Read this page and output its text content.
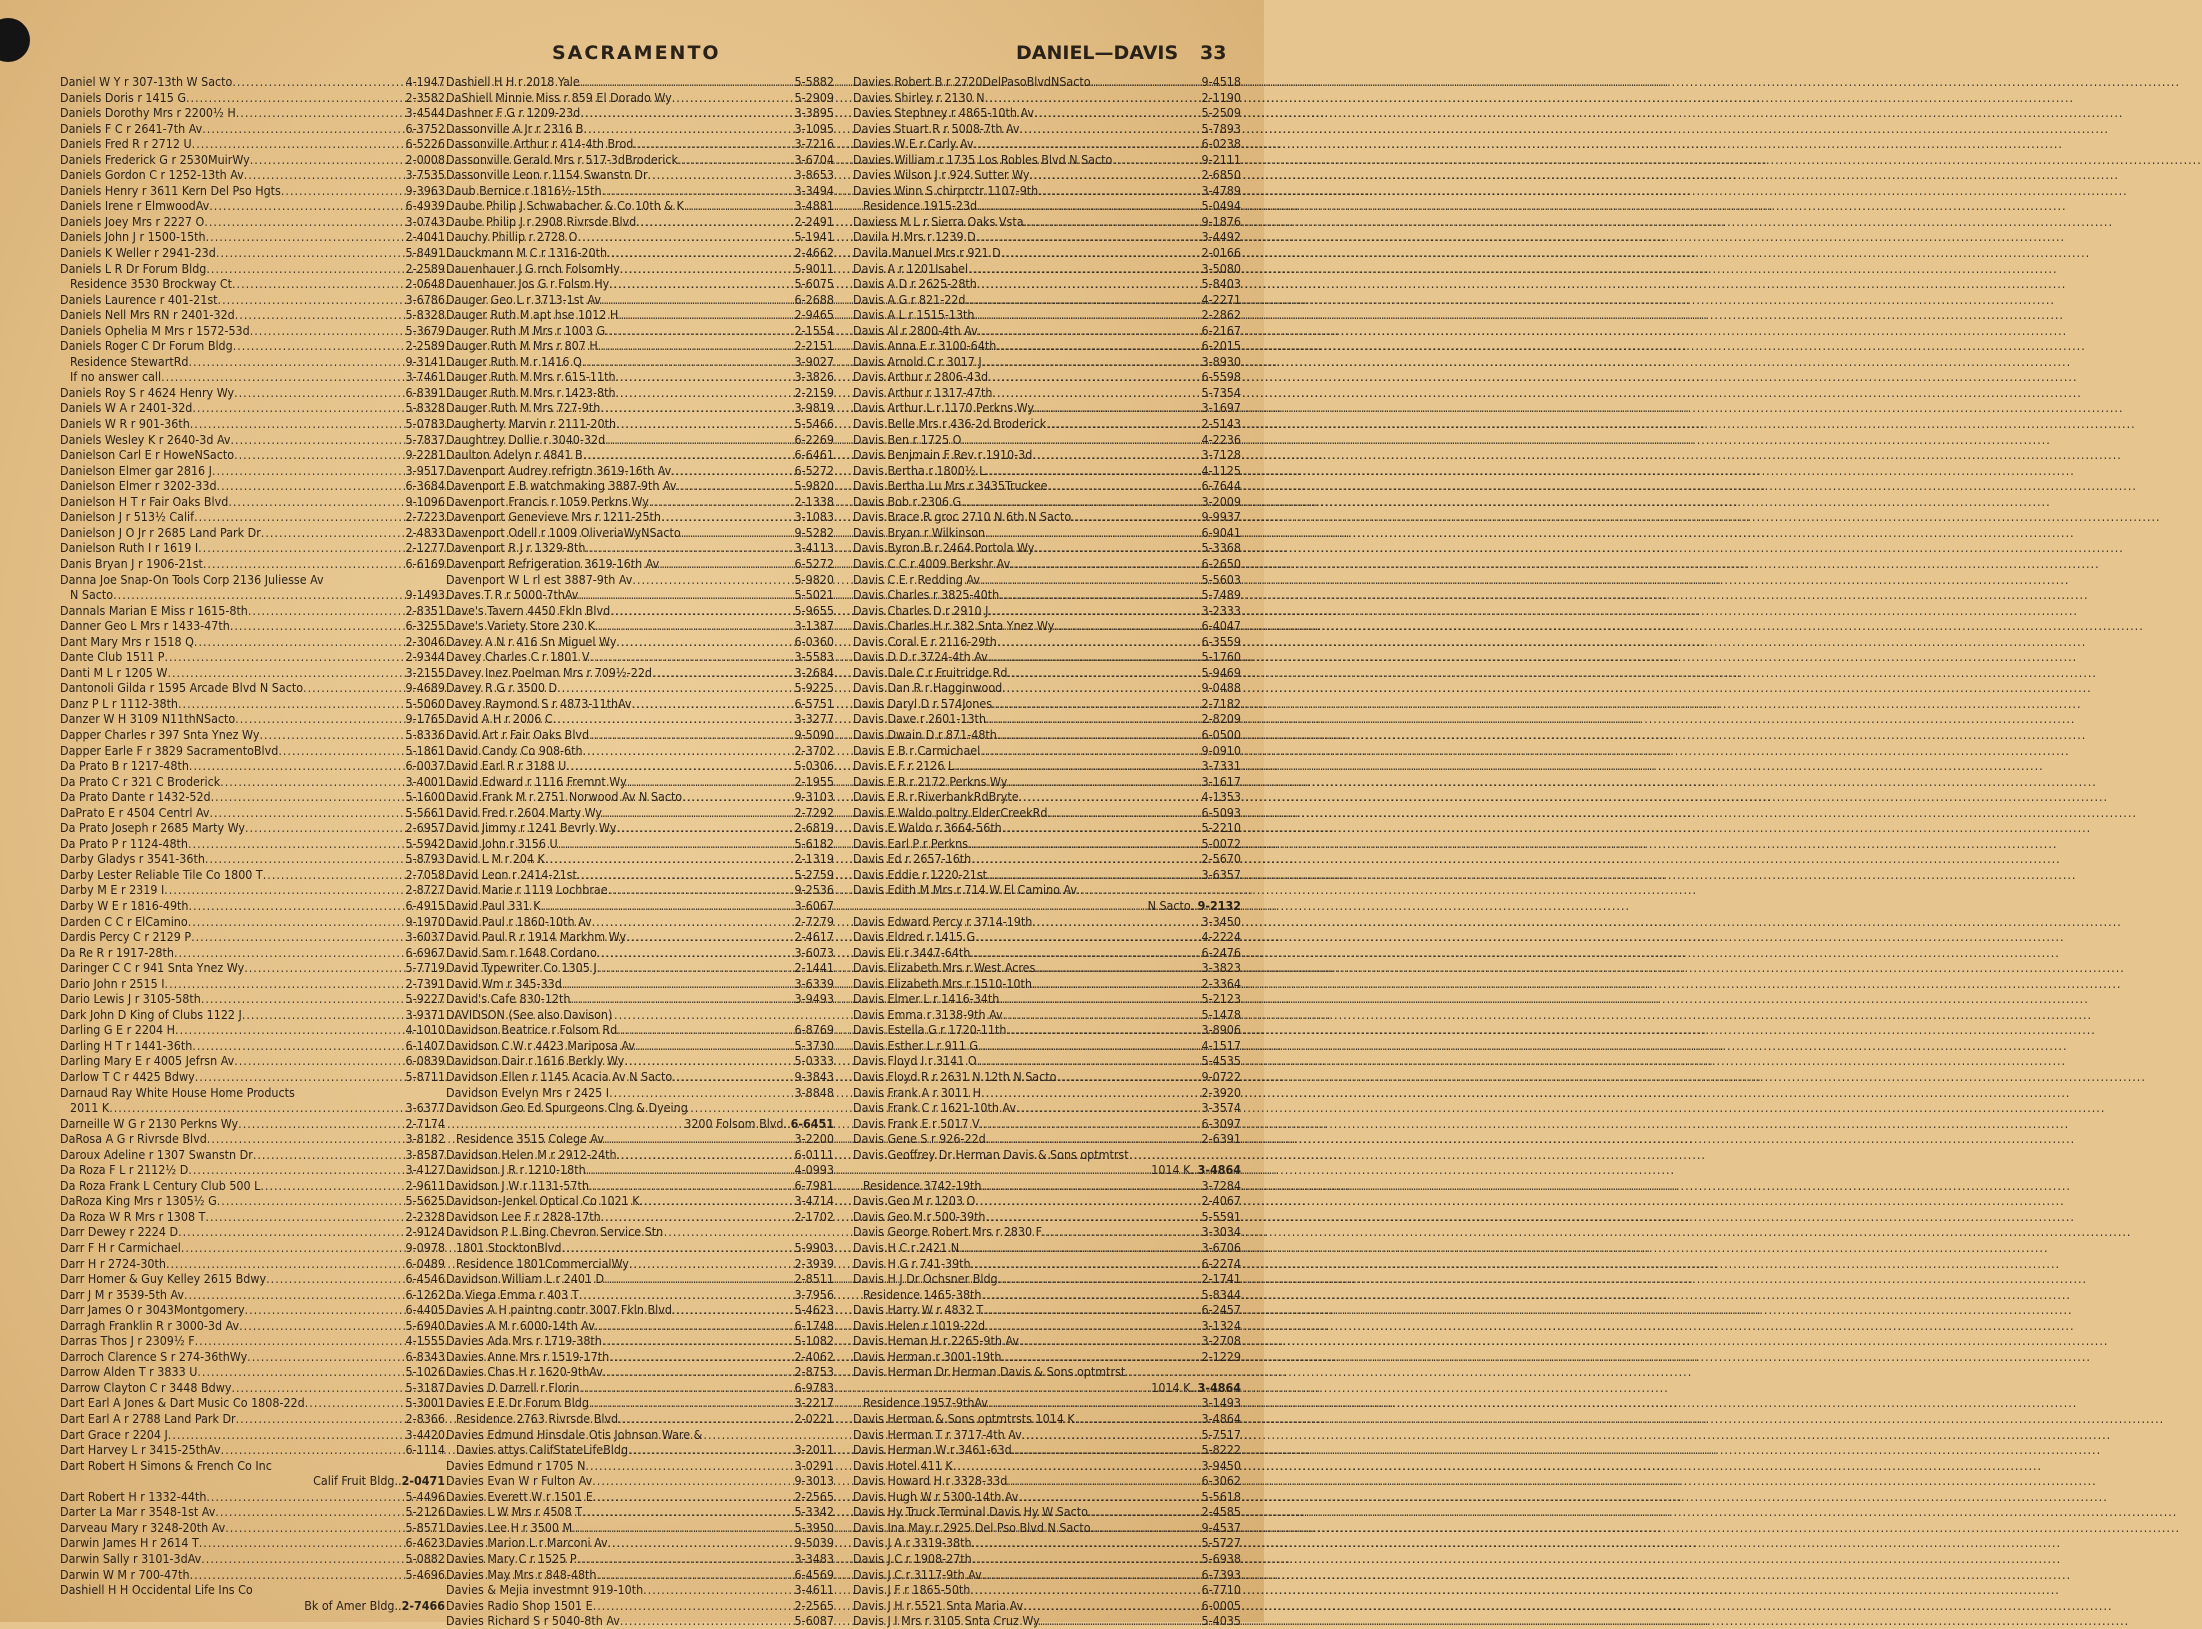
SACRAMENTO	DANIEL—DAVIS 33
Daniel W Y r 307-13th W Sacto .....	4-1947
Daniels Doris r 1415 G .....	2-3582
Daniels Dorothy Mrs r 2200½ H .....	3-4544
Daniels F C r 2641-7th Av .....	6-3752
Daniels Fred R r 2712 U .....	6-5226
Daniels Frederick G r 2530MuirWy .....	2-0008
Daniels Gordon C r 1252-13th Av .....	3-7535
Daniels Henry r 3611 Kern Del Pso Hgts .....	9-3963
Daniels Irene r ElmwoodAv .....	6-4939
Daniels Joey Mrs r 2227 O .....	3-0743
Daniels John J r 1500-15th .....	2-4041
Daniels K Weller r 2941-23d .....	5-8491
Daniels L R Dr Forum Bldg .....	2-2589
Residence 3530 Brockway Ct .....	2-0648
Daniels Laurence r 401-21st .....	3-6786
Daniels Nell Mrs RN r 2401-32d .....	5-8328
Daniels Ophelia M Mrs r 1572-53d .....	5-3679
Daniels Roger C Dr Forum Bldg .....	2-2589
Residence StewartRd .....	9-3141
If no answer call .....	3-7461
Daniels Roy S r 4624 Henry Wy .....	6-8391
Daniels W A r 2401-32d .....	5-8328
Daniels W R r 901-36th .....	5-0783
Daniels Wesley K r 2640-3d Av .....	5-7837
Danielson Carl E r HoweNSacto .....	9-2281
Danielson Elmer gar 2816 J .....	3-9517
Danielson Elmer r 3202-33d .....	6-3684
Danielson H T r Fair Oaks Blvd .....	9-1096
Danielson J r 513½ Calif .....	2-7223
Danielson J O Jr r 2685 Land Park Dr .....	2-4833
Danielson Ruth I r 1619 I .....	2-1277
Danis Bryan J r 1906-21st .....	6-6169
Danna Joe Snap-On Tools Corp 2136 Juliesse Av
N Sacto .....	9-1493
Dannals Marian E Miss r 1615-8th .....	2-8351
Danner Geo L Mrs r 1433-47th .....	6-3255
Dant Mary Mrs r 1518 Q .....	2-3046
Dante Club 1511 P .....	2-9344
Danti M L r 1205 W .....	3-2155
Dantonoli Gilda r 1595 Arcade Blvd N Sacto .....	9-4689
Danz P L r 1112-38th .....	5-5060
Danzer W H 3109 N11thNSacto .....	9-1765
Dapper Charles r 397 Snta Ynez Wy .....	5-8336
Dapper Earle F r 3829 SacramentoBlvd .....	5-1861
Da Prato B r 1217-48th .....	6-0037
Da Prato C r 321 C Broderick .....	3-4001
Da Prato Dante r 1432-52d .....	5-1600
DaPrato E r 4504 Centrl Av .....	5-5661
Da Prato Joseph r 2685 Marty Wy .....	2-6957
Da Prato P r 1124-48th .....	5-5942
Darby Gladys r 3541-36th .....	5-8793
Darby Lester Reliable Tile Co 1800 T .....	2-7058
Darby M E r 2319 I .....	2-8727
Darby W E r 1816-49th .....	6-4915
Darden C C r ElCamino .....	9-1970
Dardis Percy C r 2129 P .....	3-6037
Da Re R r 1917-28th .....	6-6967
Daringer C C r 941 Snta Ynez Wy .....	5-7719
Dario John r 2515 I .....	2-7391
Dario Lewis J r 3105-58th .....	5-9227
Dark John D King of Clubs 1122 J .....	3-9371
Darling G E r 2204 H .....	4-1010
Darling H T r 1441-36th .....	6-1407
Darling Mary E r 4005 Jefrsn Av .....	6-0839
Darlow T C r 4425 Bdwy .....	5-8711
Darnaud Ray White House Home Products
2011 K .....	3-6377
Darneille W G r 2130 Perkns Wy .....	2-7174
DaRosa A G r Rivrsde Blvd .....	3-8182
Daroux Adeline r 1307 Swanstn Dr .....	3-8587
Da Roza F L r 2112½ D .....	3-4127
Da Roza Frank L Century Club 500 L .....	2-9611
DaRoza King Mrs r 1305½ G .....	5-5625
Da Roza W R Mrs r 1308 T .....	2-2328
Darr Dewey r 2224 D .....	2-9124
Darr F H r Carmichael .....	9-0978
Darr H r 2724-30th .....	6-0489
Darr Homer & Guy Kelley 2615 Bdwy .....	6-4546
Darr J M r 3539-5th Av .....	6-1262
Darr James O r 3043Montgomery .....	6-4405
Darragh Franklin R r 3000-3d Av .....	5-6940
Darras Thos J r 2309½ F .....	4-1555
Darroch Clarence S r 274-36thWy .....	6-8343
Darrow Alden T r 3833 U .....	5-1026
Darrow Clayton C r 3448 Bdwy .....	5-3187
Dart Earl A Jones & Dart Music Co 1808-22d .....	5-3001
Dart Earl A r 2788 Land Park Dr .....	2-8366
Dart Grace r 2204 J .....	3-4420
Dart Harvey L r 3415-25thAv .....	6-1114
Dart Robert H Simons & French Co Inc
Calif Fruit Bldg..2-0471
Dart Robert H r 1332-44th .....	5-4496
Darter La Mar r 3548-1st Av .....	5-2126
Darveau Mary r 3248-20th Av .....	5-8571
Darwin James H r 2614 T .....	6-4623
Darwin Sally r 3101-3dAv .....	5-0882
Darwin W M r 700-47th .....	5-4696
Dashiell H H Occidental Life Ins Co
Bk of Amer Bldg..2-7466
Dashiell H H r 2018 Yale .....	5-5882
DaShiell Minnie Miss r 859 El Dorado Wy .....	5-2909
Dashner F G r 1209-23d .....	3-3895
Dassonville A Jr r 2316 B .....	3-1095
Dassonville Arthur r 414-4th Brod .....	3-7216
Dassonville Gerald Mrs r 517-3dBroderick .....	3-6704
Dassonville Leon r 1154 Swanstn Dr .....	3-8653
Daub Bernice r 1816½-15th .....	3-3494
Daube Philip J Schwabacher & Co 10th & K .....	3-4881
Daube Philip J r 2908 Rivrsde Blvd .....	2-2491
Dauchy Phillip r 2728 O .....	5-1941
Dauckmann M C r 1316-20th .....	2-4662
Dauenhauer J G rnch FolsomHy .....	5-9011
Dauenhauer Jos G r Folsm Hy .....	5-6075
Dauger Geo L r 3713-1st Av .....	6-2688
Dauger Ruth M apt hse 1012 H .....	2-9465
Dauger Ruth M Mrs r 1003 G .....	2-1554
Dauger Ruth M Mrs r 807 H .....	2-2151
Dauger Ruth M r 1416 Q .....	3-9027
Dauger Ruth M Mrs r 615-11th .....	3-3826
Dauger Ruth M Mrs r 1423-8th .....	2-2159
Dauger Ruth M Mrs 727-9th .....	3-9819
Daugherty Marvin r 2111-20th .....	5-5466
Daughtrey Dollie r 3040-32d .....	6-2269
Daulton Adelyn r 4841 B .....	6-6461
Davenport Audrey refrigtn 3619-16th Av .....	6-5272
Davenport E B watchmaking 3887-9th Av .....	5-9820
Davenport Francis r 1059 Perkns Wy .....	2-1338
Davenport Genevieve Mrs r 1211-25th .....	3-1083
Davenport Odell r 1009 OliveriaWyNSacto .....	9-5282
Davenport R J r 1329-8th .....	3-4113
Davenport Refrigeration 3619-16th Av .....	6-5272
Davenport W L rl est 3887-9th Av .....	5-9820
Daves T R r 5000-7thAv .....	5-5021
Dave's Tavern 4450 Fkln Blvd .....	5-9655
Dave's Variety Store 230 K .....	3-1387
Davey A N r 416 Sn Miguel Wy .....	6-0360
Davey Charles C r 1801 V .....	3-5583
Davey Inez Poelman Mrs r 709½-22d .....	3-2684
Davey R G r 3500 D .....	5-9225
Davey Raymond S r 4873-11thAv .....	6-5751
David A H r 2006 C .....	3-3277
David Art r Fair Oaks Blvd .....	9-5090
David Candy Co 908-6th .....	2-3702
David Earl R r 3188 U .....	5-0306
David Edward r 1116 Fremnt Wy .....	2-1955
David Frank M r 2751 Norwood Av N Sacto .....	9-3103
David Fred r 2604 Marty Wy .....	2-7292
David Jimmy r 1241 Bevrly Wy .....	2-6819
David John r 3156 U .....	5-6182
David L M r 204 K .....	2-1319
David Leon r 2414-21st .....	5-2759
David Marie r 1119 Lochbrae .....	9-2536
David Paul 331 K .....	3-6067
David Paul r 1860-10th Av .....	2-7279
David Paul R r 1914 Markhm Wy .....	2-4617
David Sam r 1648 Cordano .....	3-6073
David Typewriter Co 1305 J .....	2-1441
David Wm r 345-33d .....	3-6339
David's Cafe 830-12th .....	3-9493
DAVIDSON (See also Davison)
Davidson Beatrice r Folsom Rd .....	6-8769
Davidson C W r 4423 Mariposa Av .....	5-3730
Davidson Dair r 1616 Berkly Wy .....	5-0333
Davidson Ellen r 1145 Acacia Av N Sacto .....	9-3843
Davidson Evelyn Mrs r 2425 I .....	3-8848
Davidson Geo Ed Spurgeons Clng & Dyeing
3200 Folsom Blvd..6-6451
Residence 3515 Colege Av .....	3-2200
Davidson Helen M r 2912-24th .....	6-0111
Davidson J R r 1210-18th .....	4-0993
Davidson J W r 1131-57th .....	6-7981
Davidson-Jenkel Optical Co 1021 K .....	3-4714
Davidson Lee F r 2828-17th .....	2-1702
Davidson P L Bing Chevron Service Stn
1801 StocktonBlvd .....	5-9903
Residence 1801CommercialWy .....	2-3939
Davidson William L r 2401 D .....	2-8511
Da Viega Emma r 403 T .....	3-7956
Davies A H paintng contr 3007 Fkln Blvd .....	5-4623
Davies A M r 6000-14th Av .....	6-1748
Davies Ada Mrs r 1719-38th .....	5-1082
Davies Anne Mrs r 1519-17th .....	2-4062
Davies Chas H r 1620-9thAv .....	2-8753
Davies D Darrell r Florin .....	6-9783
Davies E E Dr Forum Bldg .....	3-2217
Residence 2763 Rivrsde Blvd .....	2-0221
Davies Edmund Hinsdale Otis Johnson Ware &
Davies attys CalifStateLifeBldg .....	3-2011
Davies Edmund r 1705 N .....	3-0291
Davies Evan W r Fulton Av .....	9-3013
Davies Everett W r 1501 E .....	2-2565
Davies L W Mrs r 4508 T .....	5-3342
Davies Lee H r 3500 M .....	5-3950
Davies Marion L r Marconi Av .....	9-5039
Davies Mary C r 1525 P .....	3-3483
Davies May Mrs r 848-48th .....	6-4569
Davies & Mejia investmnt 919-10th .....	3-4611
Davies Radio Shop 1501 E .....	2-2565
Davies Richard S r 5040-8th Av .....	5-6087
Davies Robert B r 2720DelPasoBlvdNSacto .....	9-4518
Davies Shirley r 2130 N .....	2-1190
Davies Stephney r 4865-10th Av .....	5-2509
Davies Stuart R r 5008-7th Av .....	5-7893
Davies W E r Carly Av .....	6-0238
Davies William r 1735 Los Robles Blvd N Sacto .....	9-2111
Davies Wilson J r 924 Sutter Wy .....	2-6850
Davies Winn S chirprctr 1107-9th .....	3-4789
Residence 1915-23d .....	5-0494
Daviess M L r Sierra Oaks Vsta .....	9-1876
Davila H Mrs r 1239 D .....	3-4492
Davila Manuel Mrs r 921 D .....	2-0166
Davis A r 1201Isabel .....	3-5080
Davis A D r 2625-28th .....	5-8403
Davis A G r 821-22d .....	4-2271
Davis A L r 1515-13th .....	2-2862
Davis Al r 2800-4th Av .....	6-2167
Davis Anna E r 3100-64th .....	6-2015
Davis Arnold C r 3017 J .....	3-8930
Davis Arthur r 2806-43d .....	6-5598
Davis Arthur r 1317-47th .....	5-7354
Davis Arthur L r 1170 Perkns Wy .....	3-1697
Davis Belle Mrs r 436-2d Broderick .....	2-5143
Davis Ben r 1725 O .....	4-2236
Davis Benjmain F Rev r 1910-3d .....	3-7128
Davis Bertha r 1800½ L .....	4-1125
Davis Bertha Lu Mrs r 3435Truckee .....	6-7644
Davis Bob r 2306 G .....	3-2009
Davis Brace R groc 2710 N 6th N Sacto .....	9-9937
Davis Bryan r Wilkinson .....	6-9041
Davis Byron B r 2464 Portola Wy .....	5-3368
Davis C C r 4009 Berkshr Av .....	6-2650
Davis C E r Redding Av .....	5-5603
Davis Charles r 3825-40th .....	5-7489
Davis Charles D r 2910 J .....	3-2333
Davis Charles H r 382 Snta Ynez Wy .....	6-4047
Davis Coral E r 2116-29th .....	6-3559
Davis D D r 3724-4th Av .....	5-1760
Davis Dale C r Fruitridge Rd .....	5-9469
Davis Dan R r Hagginwood .....	9-0488
Davis Daryl D r 574Jones .....	2-7182
Davis Dave r 2601-13th .....	2-8209
Davis Dwain D r 871-48th .....	6-0500
Davis E B r Carmichael .....	9-0910
Davis E F r 2126 L .....	3-7331
Davis E R r 2172 Perkns Wy .....	3-1617
Davis E R r RiverbankRdBryte .....	4-1353
Davis E Waldo poltry ElderCreekRd .....	6-5093
Davis E Waldo r 3664-56th .....	5-2210
Davis Earl P r Perkns .....	5-0072
Davis Ed r 2657-16th .....	2-5670
Davis Eddie r 1220-21st .....	3-6357
Davis Edith M Mrs r 714 W El Camino Av
N Sacto..9-2132
Davis Edward Percy r 3714-19th .....	3-3450
Davis Eldred r 1415 G .....	4-2224
Davis Eli r 3447-64th .....	6-2476
Davis Elizabeth Mrs r West Acres .....	3-3823
Davis Elizabeth Mrs r 1510-10th .....	2-3364
Davis Elmer L r 1416-34th .....	5-2123
Davis Emma r 3138-9th Av .....	5-1478
Davis Estella G r 1720-11th .....	3-8906
Davis Esther L r 911 G .....	4-1517
Davis Floyd I r 3141 O .....	5-4535
Davis Floyd R r 2631 N 12th N Sacto .....	9-0722
Davis Frank A r 3011 H .....	2-3920
Davis Frank C r 1621-10th Av .....	3-3574
Davis Frank E r 5017 V .....	6-3097
Davis Gene S r 926-22d .....	2-6391
Davis Geoffrey Dr Herman Davis & Sons optmtrst
1014 K..3-4864
Residence 3742-19th .....	3-7284
Davis Geo M r 1203 O .....	2-4067
Davis Geo M r 500-39th .....	5-5591
Davis George Robert Mrs r 2830 F .....	3-3034
Davis H C r 2421 N .....	3-6706
Davis H G r 741-39th .....	6-2274
Davis H J Dr Ochsner Bldg .....	2-1741
Residence 1465-38th .....	5-8344
Davis Harry W r 4832 T .....	6-2457
Davis Helen r 1019-22d .....	3-1324
Davis Heman H r 2265-9th Av .....	3-2708
Davis Herman r 3001-19th .....	2-1229
Davis Herman Dr Herman Davis & Sons optmtrst
1014 K..3-4864
Residence 1957-9thAv .....	3-1493
Davis Herman & Sons optmtrsts 1014 K .....	3-4864
Davis Herman T r 3717-4th Av .....	5-7517
Davis Herman W r 3461-63d .....	5-8222
Davis Hotel 411 K .....	3-9450
Davis Howard H r 3328-33d .....	6-3062
Davis Hugh W r 5300-14th Av .....	5-5618
Davis Hy Truck Terminal Davis Hy W Sacto .....	2-4585
Davis Ina May r 2925 Del Pso Blvd N Sacto .....	9-4537
Davis J A r 3319-38th .....	5-5727
Davis J C r 1908-27th .....	5-6938
Davis J C r 3117-9th Av .....	6-7393
Davis J F r 1865-50th .....	6-7710
Davis J H r 5521 Snta Maria Av .....	6-0005
Davis J I Mrs r 3105 Snta Cruz Wy .....	5-4035
